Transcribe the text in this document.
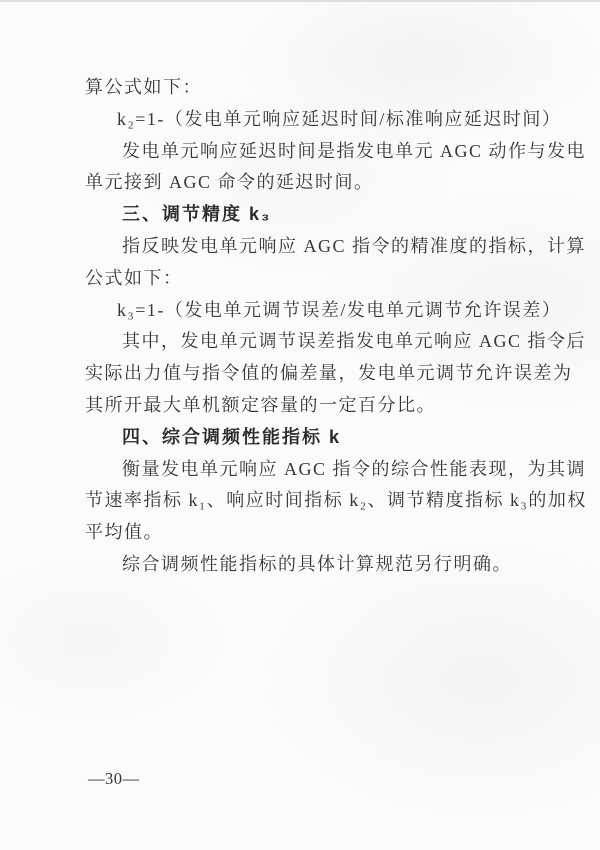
算公式如下：
k₂=1-（发电单元响应延迟时间/标准响应延迟时间）
发电单元响应延迟时间是指发电单元 AGC 动作与发电
单元接到 AGC 命令的延迟时间。
三、调节精度 k₃
指反映发电单元响应 AGC 指令的精准度的指标，计算
公式如下：
k₃=1-（发电单元调节误差/发电单元调节允许误差）
其中，发电单元调节误差指发电单元响应 AGC 指令后
实际出力值与指令值的偏差量，发电单元调节允许误差为
其所开最大单机额定容量的一定百分比。
四、综合调频性能指标 k
衡量发电单元响应 AGC 指令的综合性能表现，为其调
节速率指标 k₁、响应时间指标 k₂、调节精度指标 k₃的加权
平均值。
综合调频性能指标的具体计算规范另行明确。
—30—
